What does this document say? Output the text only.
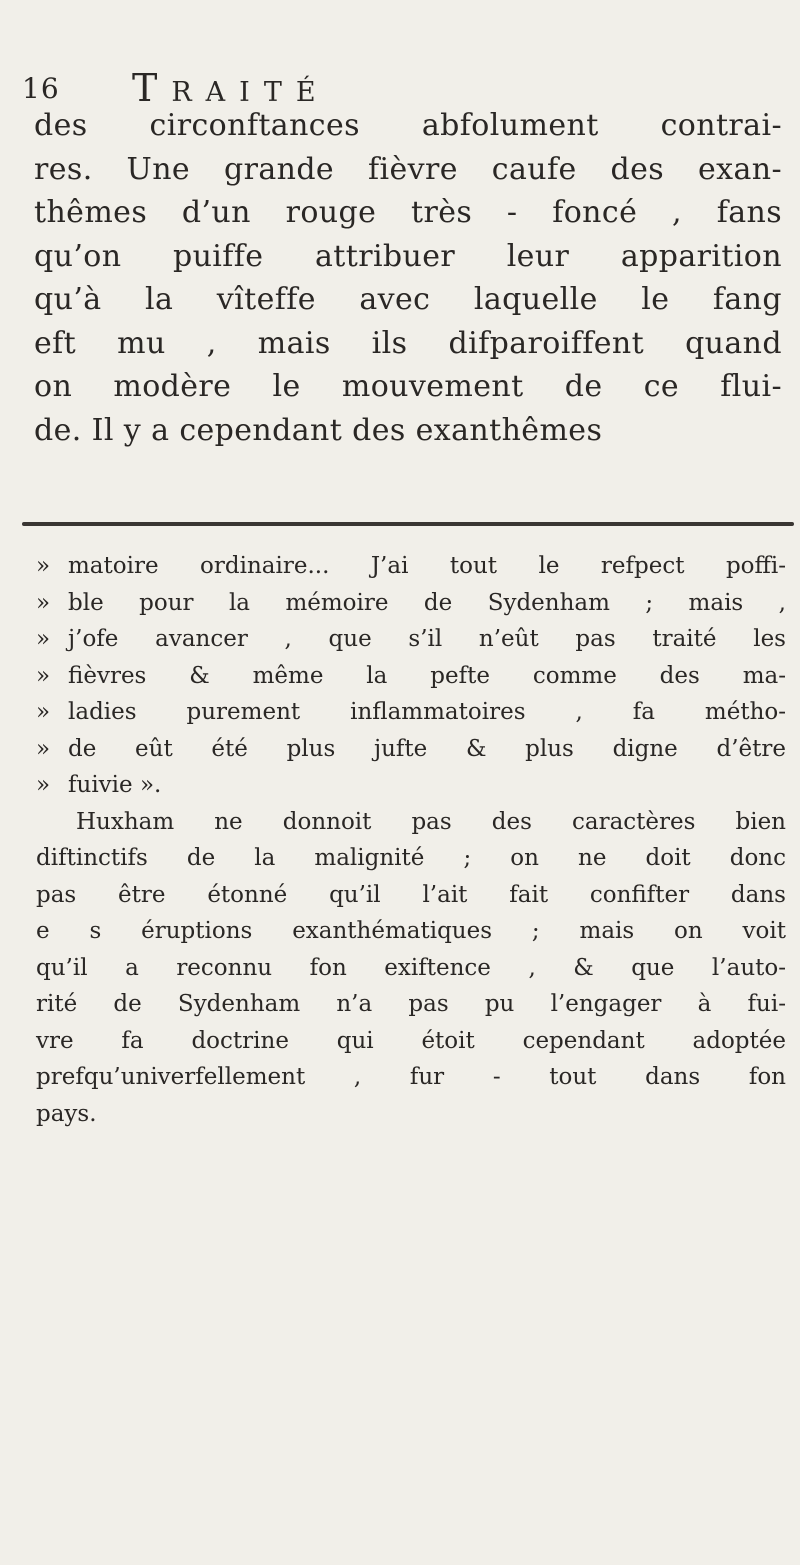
16 Traité
des circonftances abfolument contrai-
res. Une grande fièvre caufe des exan-
thêmes d’un rouge très - foncé , fans
qu’on puiffe attribuer leur apparition
qu’à la vîteffe avec laquelle le fang
eft mu , mais ils difparoiffent quand
on modère le mouvement de ce flui-
de. Il y a cependant des exanthêmes
» matoire ordinaire... J’ai tout le refpect poffi-
» ble pour la mémoire de Sydenham ; mais ,
» j’ofe avancer , que s’il n’eût pas traité les
» fièvres & même la pefte comme des ma-
» ladies purement inflammatoires , fa métho-
» de eût été plus jufte & plus digne d’être
» fuivie ».
Huxham ne donnoit pas des caractères bien
diftinctifs de la malignité ; on ne doit donc
pas être étonné qu’il l’ait fait confifter dans
e s éruptions exanthématiques ; mais on voit
qu’il a reconnu fon exiftence , & que l’auto-
rité de Sydenham n’a pas pu l’engager à fui-
vre fa doctrine qui étoit cependant adoptée
prefqu’univerfellement , fur - tout dans fon
pays.
